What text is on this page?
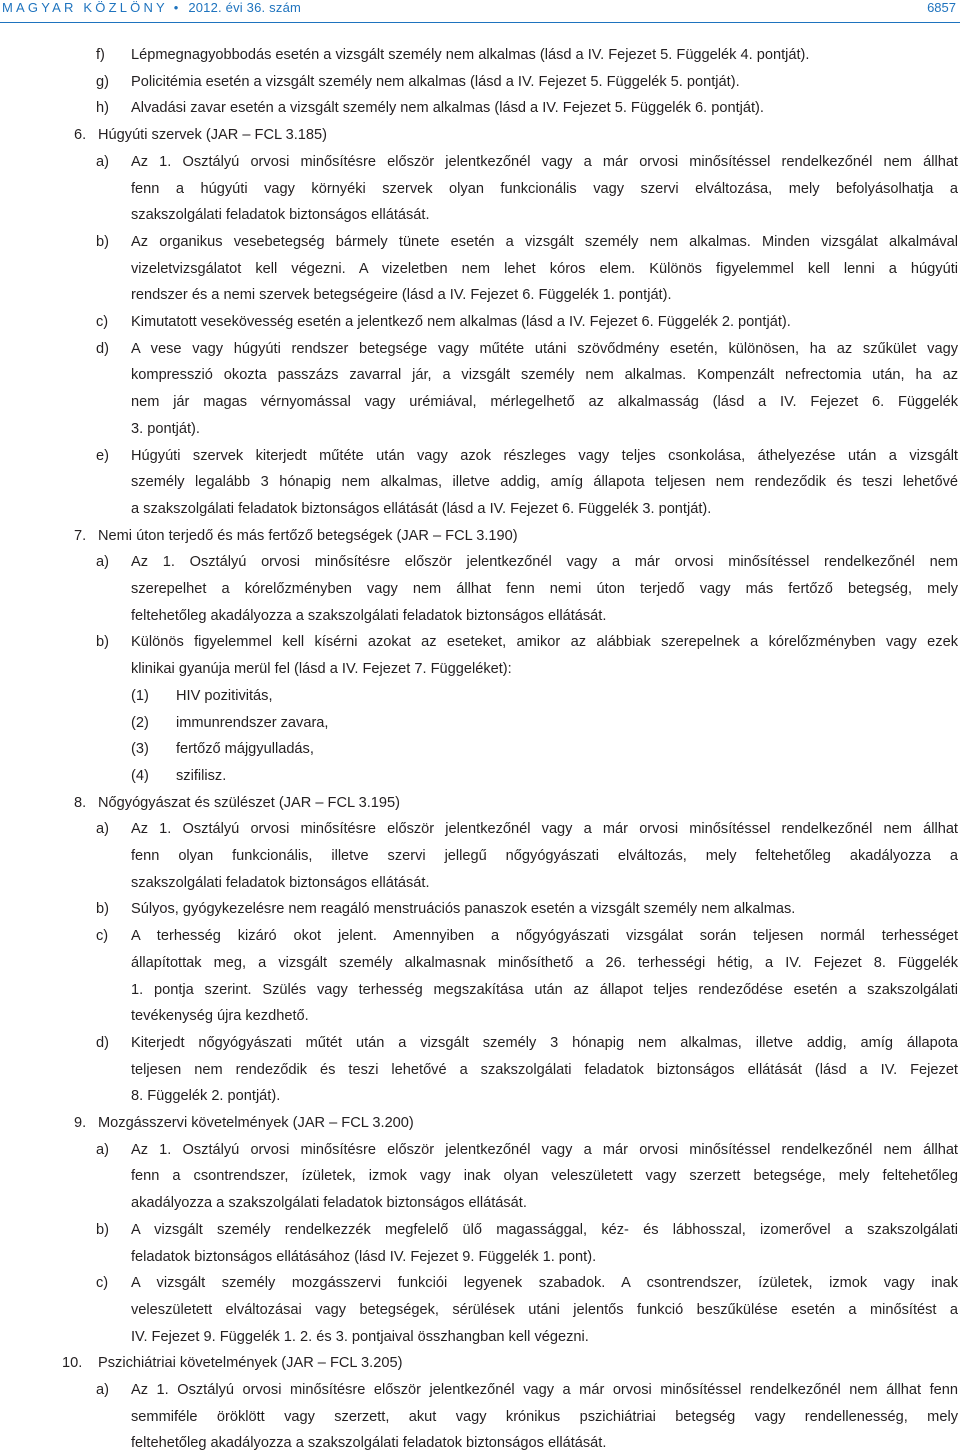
MAGYAR KÖZLÖNY • 2012. évi 36. szám	6857
f) Lépmegnagyobbodás esetén a vizsgált személy nem alkalmas (lásd a IV. Fejezet 5. Függelék 4. pontját).
g) Policitémia esetén a vizsgált személy nem alkalmas (lásd a IV. Fejezet 5. Függelék 5. pontját).
h) Alvadási zavar esetén a vizsgált személy nem alkalmas (lásd a IV. Fejezet 5. Függelék 6. pontját).
6. Húgyúti szervek (JAR – FCL 3.185)
a) Az 1. Osztályú orvosi minősítésre először jelentkezőnél vagy a már orvosi minősítéssel rendelkezőnél nem állhat
fenn a húgyúti vagy környéki szervek olyan funkcionális vagy szervi elváltozása, mely befolyásolhatja a
szakszolgálati feladatok biztonságos ellátását.
b) Az organikus vesebetegség bármely tünete esetén a vizsgált személy nem alkalmas. Minden vizsgálat alkalmával
vizeletvizsgálatot kell végezni. A vizeletben nem lehet kóros elem. Különös figyelemmel kell lenni a húgyúti
rendszer és a nemi szervek betegségeire (lásd a IV. Fejezet 6. Függelék 1. pontját).
c) Kimutatott vesekövesség esetén a jelentkező nem alkalmas (lásd a IV. Fejezet 6. Függelék 2. pontját).
d) A vese vagy húgyúti rendszer betegsége vagy műtéte utáni szövődmény esetén, különösen, ha az szűkület vagy
kompresszió okozta passzázs zavarral jár, a vizsgált személy nem alkalmas. Kompenzált nefrectomia után, ha az
nem jár magas vérnyomással vagy urémiával, mérlegelhető az alkalmasság (lásd a IV. Fejezet 6. Függelék
3. pontját).
e) Húgyúti szervek kiterjedt műtéte után vagy azok részleges vagy teljes csonkolása, áthelyezése után a vizsgált
személy legalább 3 hónapig nem alkalmas, illetve addig, amíg állapota teljesen nem rendeződik és teszi lehetővé
a szakszolgálati feladatok biztonságos ellátását (lásd a IV. Fejezet 6. Függelék 3. pontját).
7. Nemi úton terjedő és más fertőző betegségek (JAR – FCL 3.190)
a) Az 1. Osztályú orvosi minősítésre először jelentkezőnél vagy a már orvosi minősítéssel rendelkezőnél nem
szerepelhet a kórelőzményben vagy nem állhat fenn nemi úton terjedő vagy más fertőző betegség, mely
feltehetőleg akadályozza a szakszolgálati feladatok biztonságos ellátását.
b) Különös figyelemmel kell kísérni azokat az eseteket, amikor az alábbiak szerepelnek a kórelőzményben vagy ezek
klinikai gyanúja merül fel (lásd a IV. Fejezet 7. Függeléket):
(1) HIV pozitivitás,
(2) immunrendszer zavara,
(3) fertőző májgyulladás,
(4) szifilisz.
8. Nőgyógyászat és szülészet (JAR – FCL 3.195)
a) Az 1. Osztályú orvosi minősítésre először jelentkezőnél vagy a már orvosi minősítéssel rendelkezőnél nem állhat
fenn olyan funkcionális, illetve szervi jellegű nőgyógyászati elváltozás, mely feltehetőleg akadályozza a
szakszolgálati feladatok biztonságos ellátását.
b) Súlyos, gyógykezelésre nem reagáló menstruációs panaszok esetén a vizsgált személy nem alkalmas.
c) A terhesség kizáró okot jelent. Amennyiben a nőgyógyászati vizsgálat során teljesen normál terhességet
állapítottak meg, a vizsgált személy alkalmasnak minősíthető a 26. terhességi hétig, a IV. Fejezet 8. Függelék
1. pontja szerint. Szülés vagy terhesség megszakítása után az állapot teljes rendeződése esetén a szakszolgálati
tevékenység újra kezdhető.
d) Kiterjedt nőgyógyászati műtét után a vizsgált személy 3 hónapig nem alkalmas, illetve addig, amíg állapota
teljesen nem rendeződik és teszi lehetővé a szakszolgálati feladatok biztonságos ellátását (lásd a IV. Fejezet
8. Függelék 2. pontját).
9. Mozgásszervi követelmények (JAR – FCL 3.200)
a) Az 1. Osztályú orvosi minősítésre először jelentkezőnél vagy a már orvosi minősítéssel rendelkezőnél nem állhat
fenn a csontrendszer, ízületek, izmok vagy inak olyan veleszületett vagy szerzett betegsége, mely feltehetőleg
akadályozza a szakszolgálati feladatok biztonságos ellátását.
b) A vizsgált személy rendelkezzék megfelelő ülő magassággal, kéz- és lábhosszal, izomerővel a szakszolgálati
feladatok biztonságos ellátásához (lásd IV. Fejezet 9. Függelék 1. pont).
c) A vizsgált személy mozgásszervi funkciói legyenek szabadok. A csontrendszer, ízületek, izmok vagy inak
veleszületett elváltozásai vagy betegségek, sérülések utáni jelentős funkció beszűkülése esetén a minősítést a
IV. Fejezet 9. Függelék 1. 2. és 3. pontjaival összhangban kell végezni.
10. Pszichiátriai követelmények (JAR – FCL 3.205)
a) Az 1. Osztályú orvosi minősítésre először jelentkezőnél vagy a már orvosi minősítéssel rendelkezőnél nem állhat fenn
semmiféle öröklött vagy szerzett, akut vagy krónikus pszichiátriai betegség vagy rendellenesség, mely
feltehetőleg akadályozza a szakszolgálati feladatok biztonságos ellátását.
